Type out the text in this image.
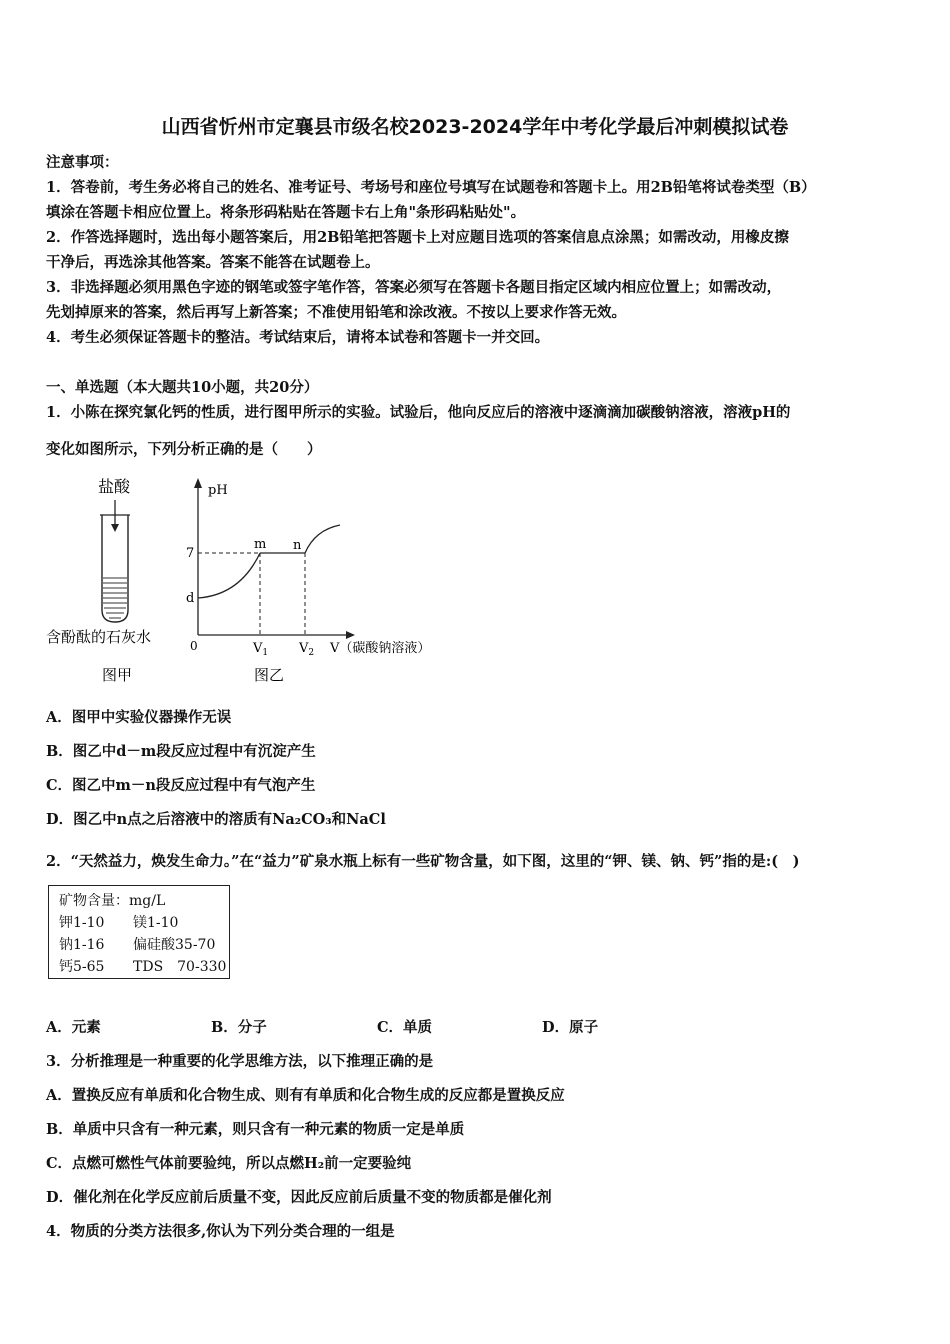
山西省忻州市定襄县市级名校2023-2024学年中考化学最后冲刺模拟试卷
注意事项：
1．答卷前，考生务必将自己的姓名、准考证号、考场号和座位号填写在试题卷和答题卡上。用2B铅笔将试卷类型（B）
填涂在答题卡相应位置上。将条形码粘贴在答题卡右上角"条形码粘贴处"。
2．作答选择题时，选出每小题答案后，用2B铅笔把答题卡上对应题目选项的答案信息点涂黑；如需改动，用橡皮擦
干净后，再选涂其他答案。答案不能答在试题卷上。
3．非选择题必须用黑色字迹的钢笔或签字笔作答，答案必须写在答题卡各题目指定区域内相应位置上；如需改动，
先划掉原来的答案，然后再写上新答案；不准使用铅笔和涂改液。不按以上要求作答无效。
4．考生必须保证答题卡的整洁。考试结束后，请将本试卷和答题卡一并交回。
一、单选题（本大题共10小题，共20分）
1．小陈在探究氯化钙的性质，进行图甲所示的实验。试验后，他向反应后的溶液中逐滴滴加碳酸钠溶液，溶液pH的
变化如图所示，下列分析正确的是（　　）
盐酸
含酚酞的石灰水
图甲
pH
7
d
0
m n
$V_1$ $V_2$ V（碳酸钠溶液）
图乙
A．图甲中实验仪器操作无误
B．图乙中d－m段反应过程中有沉淀产生
C．图乙中m－n段反应过程中有气泡产生
D．图乙中n点之后溶液中的溶质有Na₂CO₃和NaCl
2．“天然益力，焕发生命力。”在“益力”矿泉水瓶上标有一些矿物含量，如下图，这里的“钾、镁、钠、钙”指的是:(　)
矿物含量：mg/L
钾1-10 镁1-10
钠1-16 偏硅酸35-70
钙5-65 TDS　70-330
A．元素	B．分子	C．单质	D．原子
3．分析推理是一种重要的化学思维方法，以下推理正确的是
A．置换反应有单质和化合物生成、则有有单质和化合物生成的反应都是置换反应
B．单质中只含有一种元素，则只含有一种元素的物质一定是单质
C．点燃可燃性气体前要验纯，所以点燃H₂前一定要验纯
D．催化剂在化学反应前后质量不变，因此反应前后质量不变的物质都是催化剂
4．物质的分类方法很多,你认为下列分类合理的一组是
